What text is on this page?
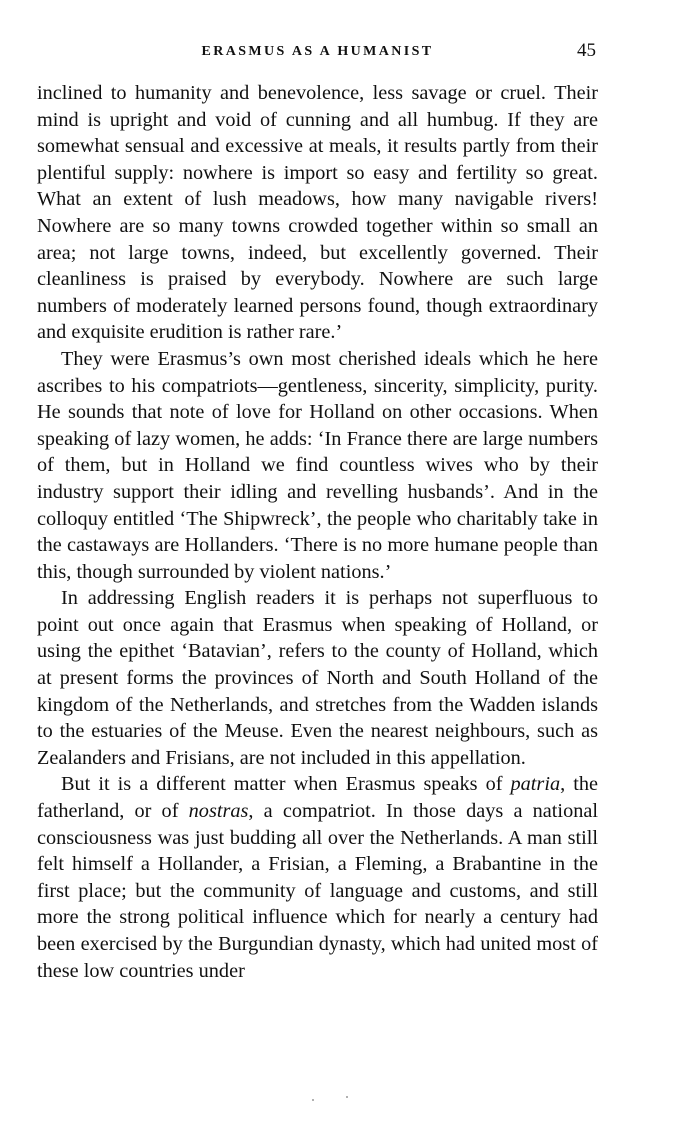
ERASMUS AS A HUMANIST	45

inclined to humanity and benevolence, less savage or cruel. Their mind is upright and void of cunning and all humbug. If they are somewhat sensual and excessive at meals, it results partly from their plentiful supply: nowhere is import so easy and fertility so great. What an extent of lush meadows, how many navigable rivers! Nowhere are so many towns crowded together within so small an area; not large towns, indeed, but excellently governed. Their cleanliness is praised by everybody. Nowhere are such large numbers of moderately learned persons found, though extraordinary and exquisite erudition is rather rare.’

They were Erasmus’s own most cherished ideals which he here ascribes to his compatriots—gentleness, sincerity, simplicity, purity. He sounds that note of love for Holland on other occasions. When speaking of lazy women, he adds: ‘In France there are large numbers of them, but in Holland we find countless wives who by their industry support their idling and revelling husbands’. And in the colloquy entitled ‘The Shipwreck’, the people who charitably take in the castaways are Hollanders. ‘There is no more humane people than this, though surrounded by violent nations.’

In addressing English readers it is perhaps not superfluous to point out once again that Erasmus when speaking of Holland, or using the epithet ‘Batavian’, refers to the county of Holland, which at present forms the provinces of North and South Holland of the kingdom of the Netherlands, and stretches from the Wadden islands to the estuaries of the Meuse. Even the nearest neighbours, such as Zealanders and Frisians, are not included in this appellation.

But it is a different matter when Erasmus speaks of patria, the fatherland, or of nostras, a compatriot. In those days a national consciousness was just budding all over the Netherlands. A man still felt himself a Hollander, a Frisian, a Fleming, a Brabantine in the first place; but the community of language and customs, and still more the strong political influence which for nearly a century had been exercised by the Burgundian dynasty, which had united most of these low countries under
